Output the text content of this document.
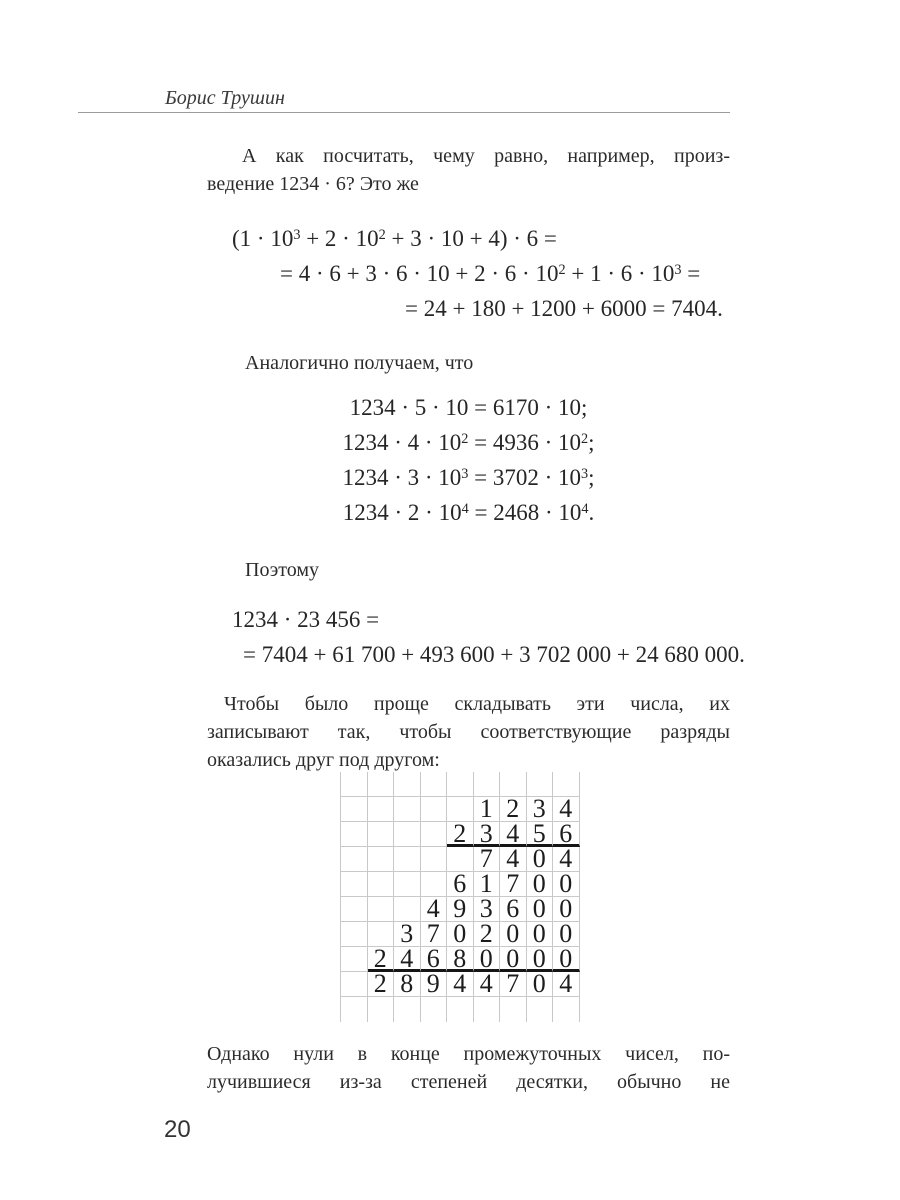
Борис Трушин
А как посчитать, чему равно, например, произ-
ведение 1234 · 6? Это же
$(1 \cdot 10^3 + 2 \cdot 10^2 + 3 \cdot 10 + 4) \cdot 6$ =
= $4 \cdot 6 + 3 \cdot 6 \cdot 10 + 2 \cdot 6 \cdot 10^2 + 1 \cdot 6 \cdot 10^3$ =
= 24 + 180 + 1200 + 6000 = 7404.
Аналогично получаем, что
1234 · 5 · 10 = 6170 · 10;
$1234 \cdot 4 \cdot 10^2 = 4936 \cdot 10^2$;
$1234 \cdot 3 \cdot 10^3 = 3702 \cdot 10^3$;
$1234 \cdot 2 \cdot 10^4 = 2468 \cdot 10^4$.
Поэтому
1234 · 23 456 =
= 7404 + 61 700 + 493 600 + 3 702 000 + 24 680 000.
Чтобы было проще складывать эти числа, их
записывают так, чтобы соответствующие разряды
оказались друг под другом:
1 2 3 4
2 3 4 5 6
7 4 0 4
6 1 7 0 0
4 9 3 6 0 0
3 7 0 2 0 0 0
2 4 6 8 0 0 0 0
2 8 9 4 4 7 0 4
Однако нули в конце промежуточных чисел, по-
лучившиеся из-за степеней десятки, обычно не
20
